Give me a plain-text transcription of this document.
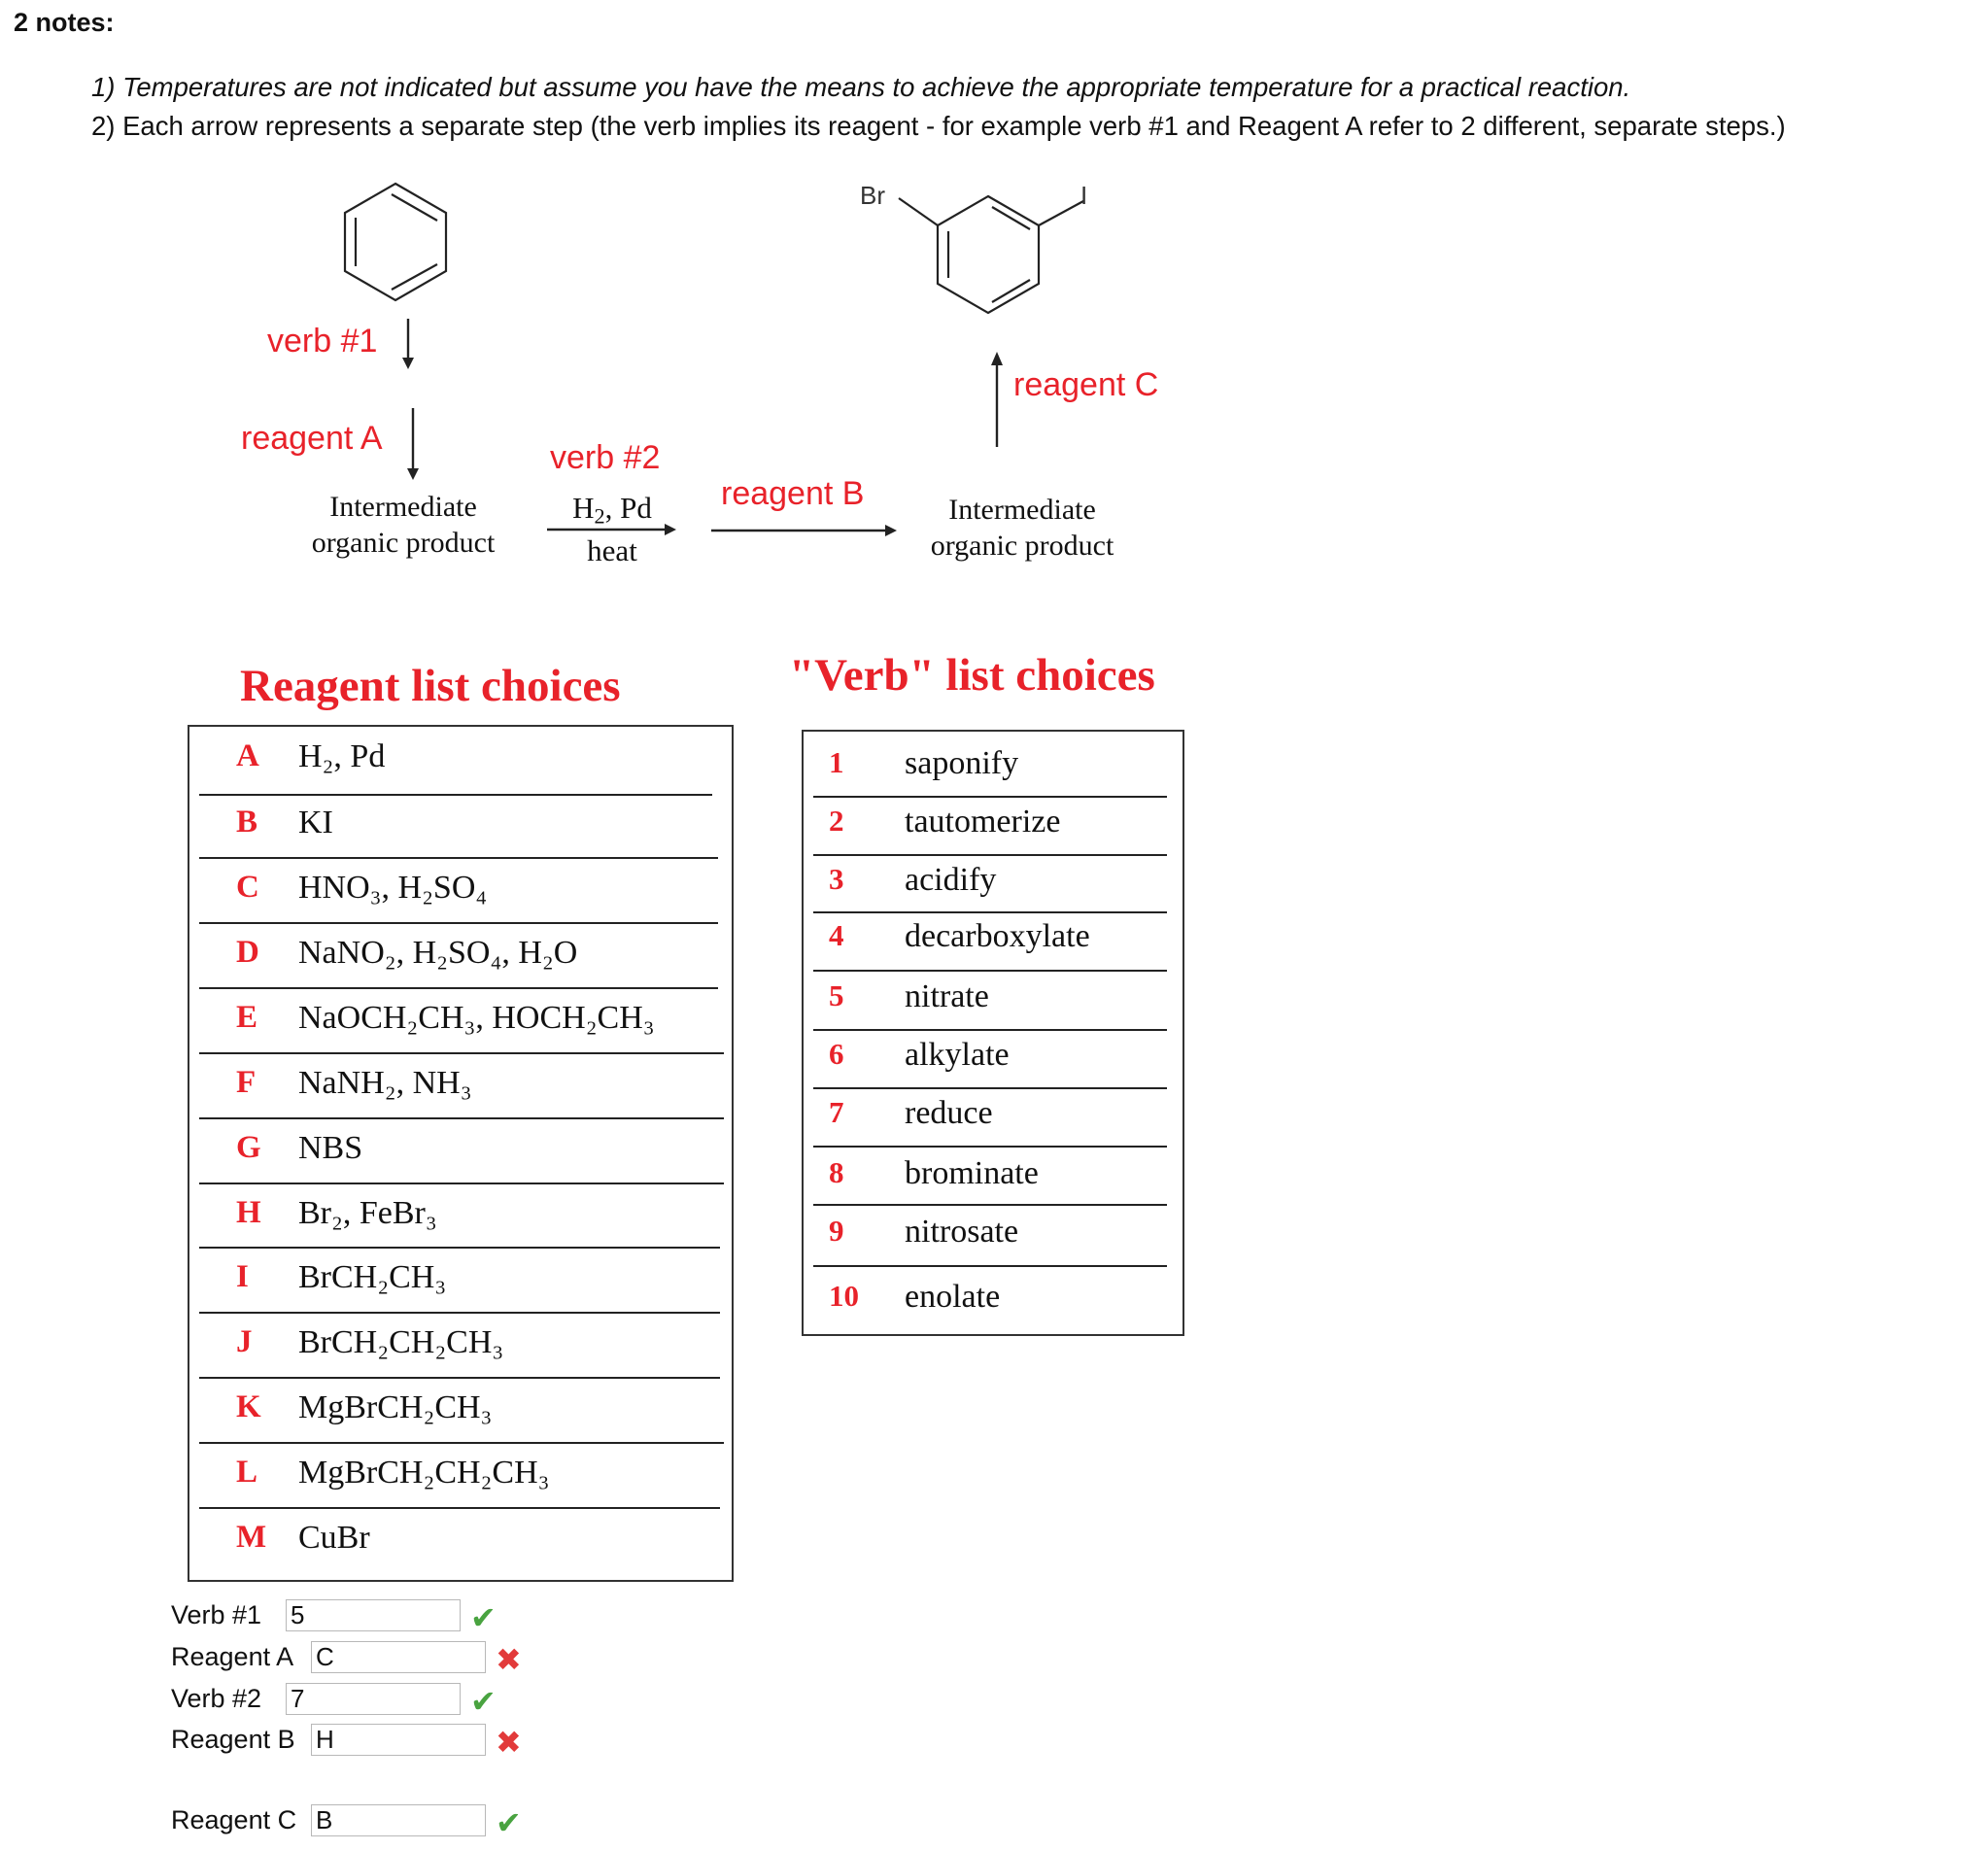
2 notes:
1) Temperatures are not indicated but assume you have the means to achieve the appropriate temperature for a practical reaction.
2) Each arrow represents a separate step (the verb implies its reagent - for example verb #1 and Reagent A refer to 2 different, separate steps.)
Br	I
verb #1
reagent A
verb #2
reagent B
reagent C
Intermediate
organic product
Intermediate
organic product
$H_2$, Pd
heat
Reagent list choices	"Verb" list choices
A	H₂, Pd
B	KI
C	HNO₃, H₂SO₄
D	NaNO₂, H₂SO₄, H₂O
E	NaOCH₂CH₃, HOCH₂CH₃
F	NaNH₂, NH₃
G	NBS
H	Br₂, FeBr₃
I	BrCH₂CH₃
J	BrCH₂CH₂CH₃
K	MgBrCH₂CH₃
L	MgBrCH₂CH₂CH₃
M CuBr
1	saponify
2	tautomerize
3	acidify
4	decarboxylate
5	nitrate
6	alkylate
7	reduce
8	brominate
9	nitrosate
10 enolate
Verb #1
5	✔
Reagent A
C	✖
Verb #2
7	✔
Reagent B
H	✖
Reagent C
B	✔
